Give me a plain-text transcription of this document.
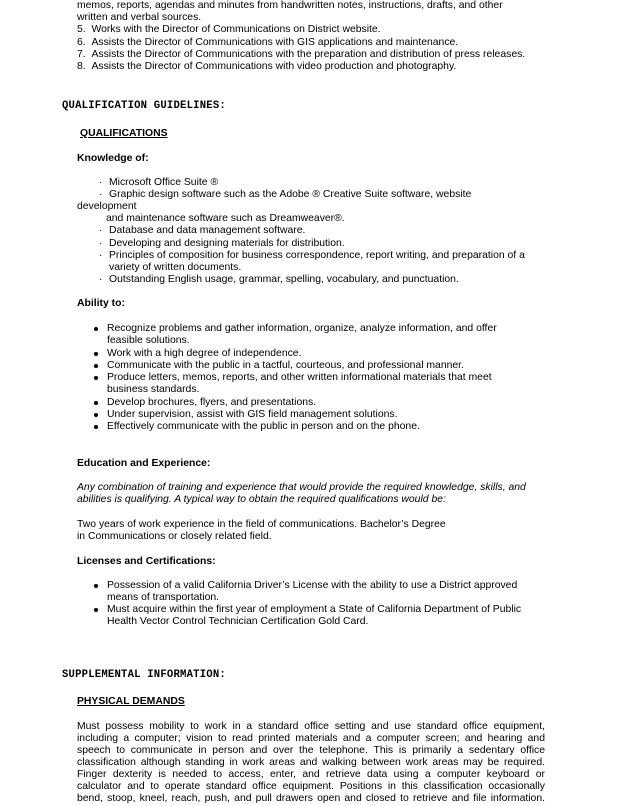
memos, reports, agendas and minutes from handwritten notes, instructions, drafts, and other
written and verbal sources.
5. Works with the Director of Communications on District website.
6. Assists the Director of Communications with GIS applications and maintenance.
7. Assists the Director of Communications with the preparation and distribution of press releases.
8. Assists the Director of Communications with video production and photography.
QUALIFICATION GUIDELINES:
QUALIFICATIONS
Knowledge of:
· Microsoft Office Suite ®
· Graphic design software such as the Adobe ® Creative Suite software, website
development
and maintenance software such as Dreamweaver®.
· Database and data management software.
· Developing and designing materials for distribution.
· Principles of composition for business correspondence, report writing, and preparation of a
variety of written documents.
· Outstanding English usage, grammar, spelling, vocabulary, and punctuation.
Ability to:
Recognize problems and gather information, organize, analyze information, and offer
feasible solutions.
Work with a high degree of independence.
Communicate with the public in a tactful, courteous, and professional manner.
Produce letters, memos, reports, and other written informational materials that meet
business standards.
Develop brochures, flyers, and presentations.
Under supervision, assist with GIS field management solutions.
Effectively communicate with the public in person and on the phone.
Education and Experience:
Any combination of training and experience that would provide the required knowledge, skills, and
abilities is qualifying. A typical way to obtain the required qualifications would be:
Two years of work experience in the field of communications. Bachelor’s Degree
in Communications or closely related field.
Licenses and Certifications:
Possession of a valid California Driver’s License with the ability to use a District approved
means of transportation.
Must acquire within the first year of employment a State of California Department of Public
Health Vector Control Technician Certification Gold Card.
SUPPLEMENTAL INFORMATION:
PHYSICAL DEMANDS
Must possess mobility to work in a standard office setting and use standard office equipment,
including a computer; vision to read printed materials and a computer screen; and hearing and
speech to communicate in person and over the telephone. This is primarily a sedentary office
classification although standing in work areas and walking between work areas may be required.
Finger dexterity is needed to access, enter, and retrieve data using a computer keyboard or
calculator and to operate standard office equipment. Positions in this classification occasionally
bend, stoop, kneel, reach, push, and pull drawers open and closed to retrieve and file information.
